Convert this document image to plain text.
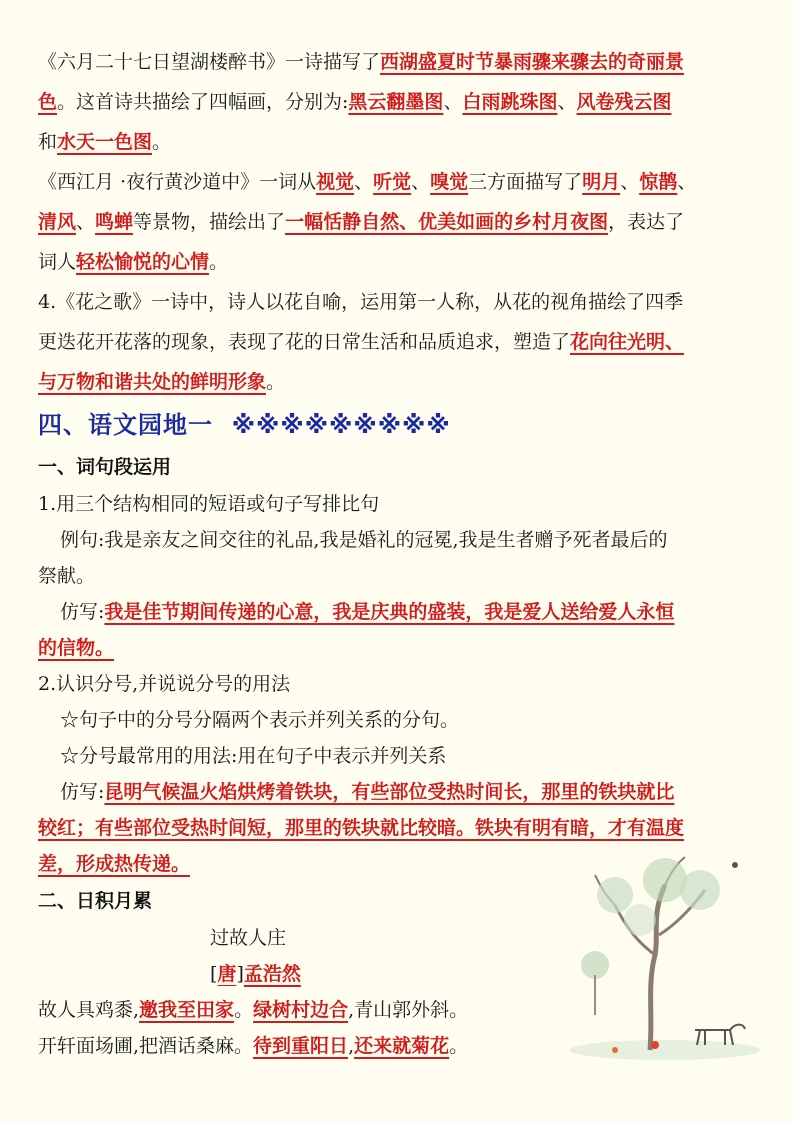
《六月二十七日望湖楼醉书》一诗描写了西湖盛夏时节暴雨骤来骤去的奇丽景

色。这首诗共描绘了四幅画，分别为:黑云翻墨图、白雨跳珠图、风卷残云图

和水天一色图。

《西江月 ·夜行黄沙道中》一词从视觉、听觉、嗅觉三方面描写了明月、惊鹊、

清风、鸣蝉等景物，描绘出了一幅恬静自然、优美如画的乡村月夜图，表达了

词人轻松愉悦的心情。

4.《花之歌》一诗中，诗人以花自喻，运用第一人称，从花的视角描绘了四季

更迭花开花落的现象，表现了花的日常生活和品质追求，塑造了花向往光明、

与万物和谐共处的鲜明形象。

四、语文园地一 ※※※※※※※※※

一、词句段运用

1.用三个结构相同的短语或句子写排比句

例句:我是亲友之间交往的礼品,我是婚礼的冠冕,我是生者赠予死者最后的

祭献。

仿写:我是佳节期间传递的心意，我是庆典的盛装，我是爱人送给爱人永恒

的信物。

2.认识分号,并说说分号的用法

☆句子中的分号分隔两个表示并列关系的分句。

☆分号最常用的用法:用在句子中表示并列关系

仿写:昆明气候温火焰烘烤着铁块，有些部位受热时间长，那里的铁块就比

较红；有些部位受热时间短，那里的铁块就比较暗。铁块有明有暗，才有温度

差，形成热传递。

二、日积月累

过故人庄

[唐]孟浩然

故人具鸡黍,邀我至田家。绿树村边合,青山郭外斜。

开轩面场圃,把酒话桑麻。待到重阳日,还来就菊花。
